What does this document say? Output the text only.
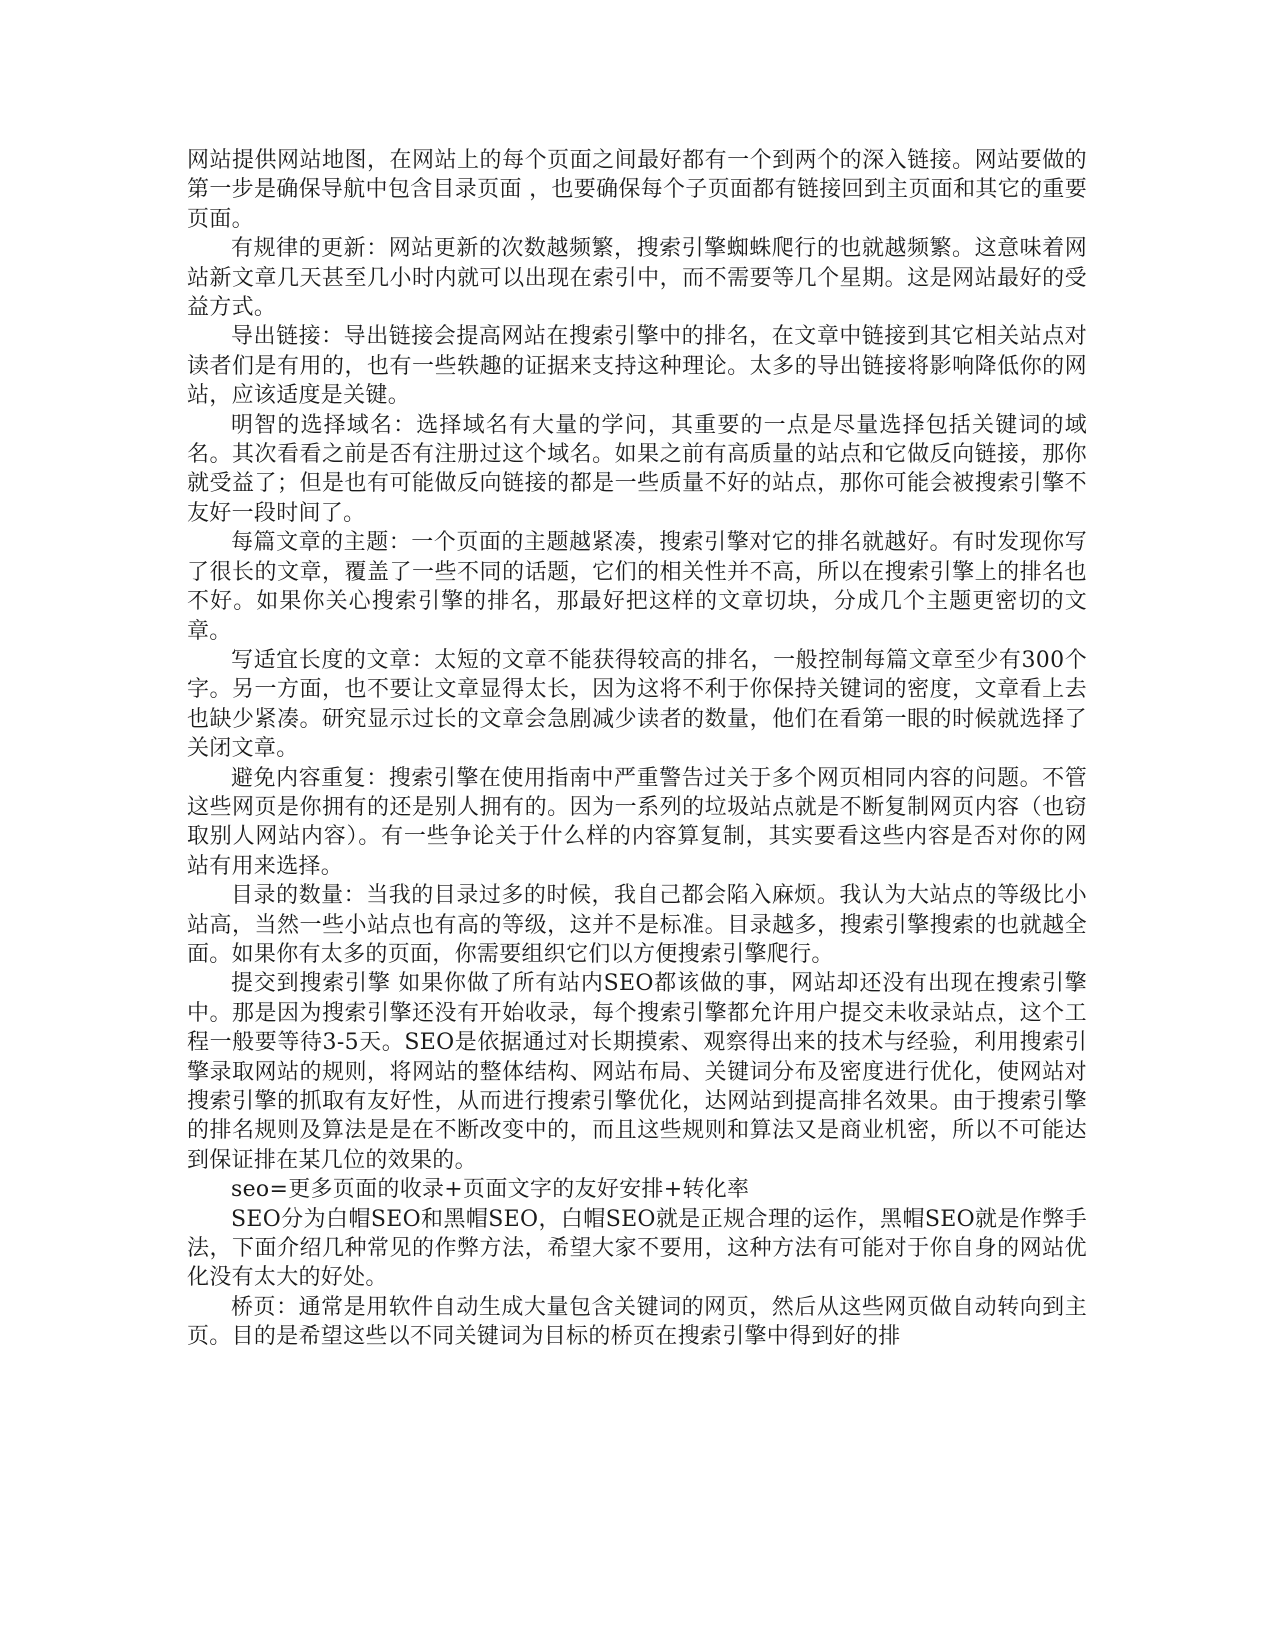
网站提供网站地图，在网站上的每个页面之间最好都有一个到两个的深入链接。网站要做的第一步是确保导航中包含目录页面 ，也要确保每个子页面都有链接回到主页面和其它的重要页面。

有规律的更新：网站更新的次数越频繁，搜索引擎蜘蛛爬行的也就越频繁。这意味着网站新文章几天甚至几小时内就可以出现在索引中，而不需要等几个星期。这是网站最好的受益方式。

导出链接：导出链接会提高网站在搜索引擎中的排名，在文章中链接到其它相关站点对读者们是有用的，也有一些轶趣的证据来支持这种理论。太多的导出链接将影响降低你的网站，应该适度是关键。

明智的选择域名：选择域名有大量的学问，其重要的一点是尽量选择包括关键词的域名。其次看看之前是否有注册过这个域名。如果之前有高质量的站点和它做反向链接，那你就受益了；但是也有可能做反向链接的都是一些质量不好的站点，那你可能会被搜索引擎不友好一段时间了。

每篇文章的主题：一个页面的主题越紧凑，搜索引擎对它的排名就越好。有时发现你写了很长的文章，覆盖了一些不同的话题，它们的相关性并不高，所以在搜索引擎上的排名也不好。如果你关心搜索引擎的排名，那最好把这样的文章切块，分成几个主题更密切的文章。

写适宜长度的文章：太短的文章不能获得较高的排名，一般控制每篇文章至少有300个字。另一方面，也不要让文章显得太长，因为这将不利于你保持关键词的密度，文章看上去也缺少紧凑。研究显示过长的文章会急剧减少读者的数量，他们在看第一眼的时候就选择了关闭文章。

避免内容重复：搜索引擎在使用指南中严重警告过关于多个网页相同内容的问题。不管这些网页是你拥有的还是别人拥有的。因为一系列的垃圾站点就是不断复制网页内容（也窃取别人网站内容）。有一些争论关于什么样的内容算复制，其实要看这些内容是否对你的网站有用来选择。

目录的数量：当我的目录过多的时候，我自己都会陷入麻烦。我认为大站点的等级比小站高，当然一些小站点也有高的等级，这并不是标准。目录越多，搜索引擎搜索的也就越全面。如果你有太多的页面，你需要组织它们以方便搜索引擎爬行。

提交到搜索引擎 如果你做了所有站内SEO都该做的事，网站却还没有出现在搜索引擎中。那是因为搜索引擎还没有开始收录，每个搜索引擎都允许用户提交未收录站点，这个工程一般要等待3-5天。SEO是依据通过对长期摸索、观察得出来的技术与经验，利用搜索引擎录取网站的规则，将网站的整体结构、网站布局、关键词分布及密度进行优化，使网站对搜索引擎的抓取有友好性，从而进行搜索引擎优化，达网站到提高排名效果。由于搜索引擎的排名规则及算法是是在不断改变中的，而且这些规则和算法又是商业机密，所以不可能达到保证排在某几位的效果的。

seo=更多页面的收录+页面文字的友好安排+转化率

SEO分为白帽SEO和黑帽SEO，白帽SEO就是正规合理的运作，黑帽SEO就是作弊手法，下面介绍几种常见的作弊方法，希望大家不要用，这种方法有可能对于你自身的网站优化没有太大的好处。

桥页：通常是用软件自动生成大量包含关键词的网页，然后从这些网页做自动转向到主页。目的是希望这些以不同关键词为目标的桥页在搜索引擎中得到好的排
